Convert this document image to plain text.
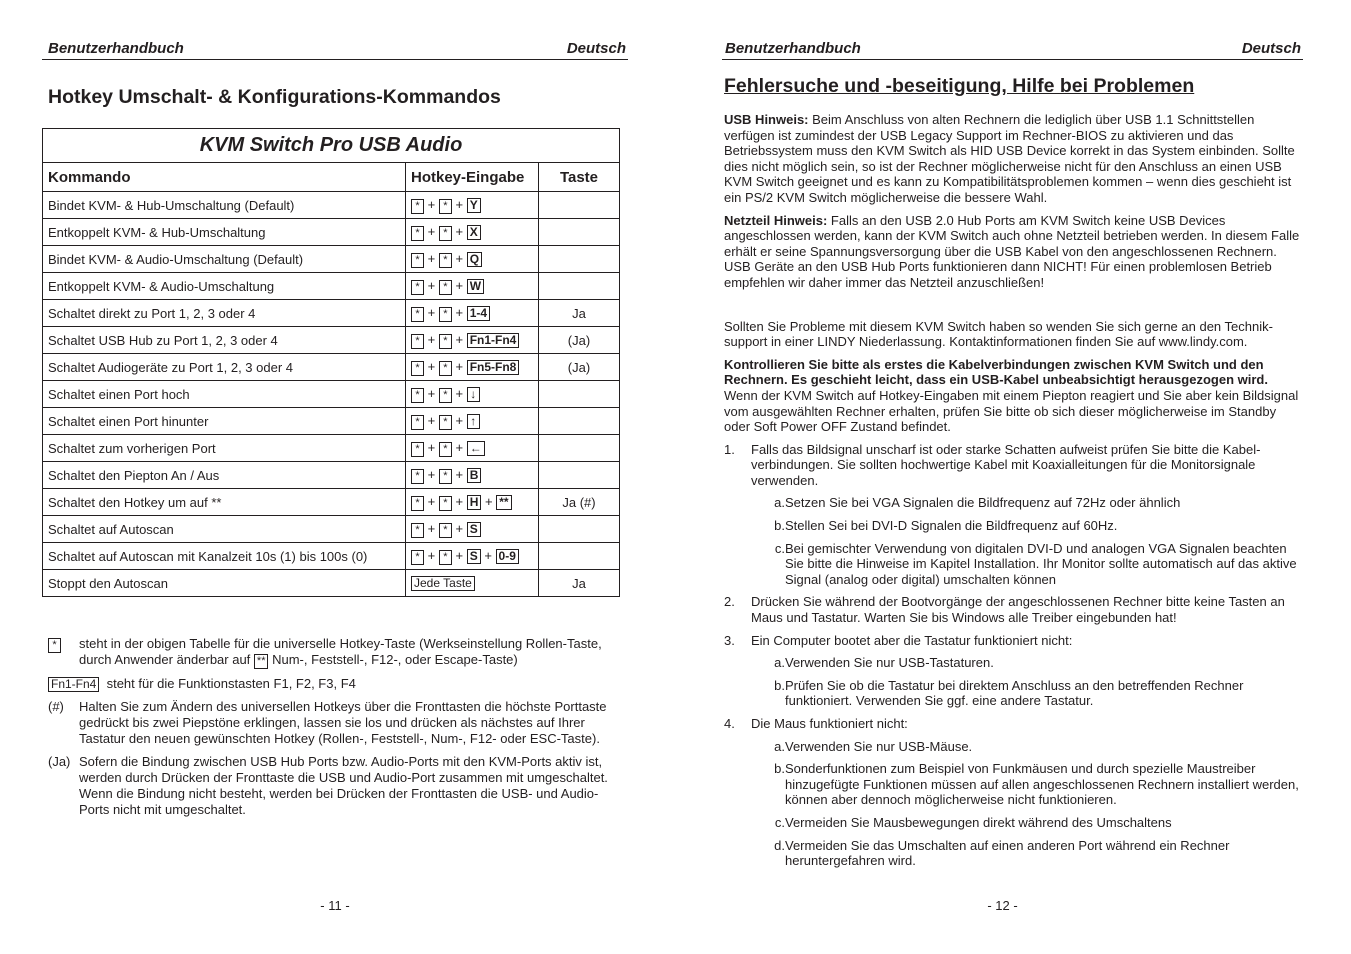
Benutzerhandbuch	Deutsch
Hotkey Umschalt- & Konfigurations-Kommandos
KVM Switch Pro USB Audio		
Kommando	Hotkey-Eingabe	Taste
Bindet KVM- & Hub-Umschaltung (Default)	* + * + Y	
Entkoppelt KVM- & Hub-Umschaltung	* + * + X	
Bindet KVM- & Audio-Umschaltung (Default)	* + * + Q	
Entkoppelt KVM- & Audio-Umschaltung	* + * + W	
Schaltet direkt zu Port 1, 2, 3 oder 4	* + * + 1-4	Ja
Schaltet USB Hub zu Port 1, 2, 3 oder 4	* + * + Fn1-Fn4	(Ja)
Schaltet Audiogeräte zu Port 1, 2, 3 oder 4	* + * + Fn5-Fn8	(Ja)
Schaltet einen Port hoch	* + * + ↓	
Schaltet einen Port hinunter	* + * + ↑	
Schaltet zum vorherigen Port	* + * + ←	
Schaltet den Piepton An / Aus	* + * + B	
Schaltet den Hotkey um auf **	* + * + H + **	Ja (#)
Schaltet auf Autoscan	* + * + S	
Schaltet auf Autoscan mit Kanalzeit 10s (1) bis 100s (0)	* + * + S + 0-9	
Stoppt den Autoscan	Jede Taste	Ja
*	steht in der obigen Tabelle für die universelle Hotkey-Taste (Werkseinstellung Rollen-Taste, durch Anwender änderbar auf ** Num-, Feststell-, F12-, oder Escape-Taste)
Fn1-Fn4 steht für die Funktionstasten F1, F2, F3, F4
(#)	Halten Sie zum Ändern des universellen Hotkeys über die Fronttasten die höchste Porttaste gedrückt bis zwei Piepstöne erklingen, lassen sie los und drücken als nächstes auf Ihrer Tastatur den neuen gewünschten Hotkey (Rollen-, Feststell-, Num-, F12- oder ESC-Taste).
(Ja) Sofern die Bindung zwischen USB Hub Ports bzw. Audio-Ports mit den KVM-Ports aktiv ist, werden durch Drücken der Fronttaste die USB und Audio-Port zusammen mit umgeschaltet. Wenn die Bindung nicht besteht, werden bei Drücken der Fronttasten die USB- und Audio-Ports nicht mit umgeschaltet.
- 11 -
Benutzerhandbuch	Deutsch
Fehlersuche und -beseitigung, Hilfe bei Problemen

USB Hinweis: Beim Anschluss von alten Rechnern die lediglich über USB 1.1 Schnittstellen verfügen ist zumindest der USB Legacy Support im Rechner-BIOS zu aktivieren und das Betriebssystem muss den KVM Switch als HID USB Device korrekt in das System einbinden. Sollte dies nicht möglich sein, so ist der Rechner möglicherweise nicht für den Anschluss an einen USB KVM Switch geeignet und es kann zu Kompatibilitätsproblemen kommen – wenn dies geschieht ist ein PS/2 KVM Switch möglicherweise die bessere Wahl.

Netzteil Hinweis: Falls an den USB 2.0 Hub Ports am KVM Switch keine USB Devices angeschlossen werden, kann der KVM Switch auch ohne Netzteil betrieben werden. In diesem Falle erhält er seine Spannungsversorgung über die USB Kabel von den angeschlossenen Rechnern. USB Geräte an den USB Hub Ports funktionieren dann NICHT! Für einen problemlosen Betrieb empfehlen wir daher immer das Netzteil anzuschließen!

Sollten Sie Probleme mit diesem KVM Switch haben so wenden Sie sich gerne an den Technik-support in einer LINDY Niederlassung. Kontaktinformationen finden Sie auf www.lindy.com.

Kontrollieren Sie bitte als erstes die Kabelverbindungen zwischen KVM Switch und den Rechnern. Es geschieht leicht, dass ein USB-Kabel unbeabsichtigt herausgezogen wird.

Wenn der KVM Switch auf Hotkey-Eingaben mit einem Piepton reagiert und Sie aber kein Bildsignal vom ausgewählten Rechner erhalten, prüfen Sie bitte ob sich dieser möglicherweise im Standby oder Soft Power OFF Zustand befindet.

1.	Falls das Bildsignal unscharf ist oder starke Schatten aufweist prüfen Sie bitte die Kabel-verbindungen. Sie sollten hochwertige Kabel mit Koaxialleitungen für die Monitorsignale verwenden.
a. Setzen Sie bei VGA Signalen die Bildfrequenz auf 72Hz oder ähnlich
b. Stellen Sei bei DVI-D Signalen die Bildfrequenz auf 60Hz.
c. Bei gemischter Verwendung von digitalen DVI-D und analogen VGA Signalen beachten Sie bitte die Hinweise im Kapitel Installation. Ihr Monitor sollte automatisch auf das aktive Signal (analog oder digital) umschalten können
2.	Drücken Sie während der Bootvorgänge der angeschlossenen Rechner bitte keine Tasten an Maus und Tastatur. Warten Sie bis Windows alle Treiber eingebunden hat!
3.	Ein Computer bootet aber die Tastatur funktioniert nicht:
a. Verwenden Sie nur USB-Tastaturen.
b. Prüfen Sie ob die Tastatur bei direktem Anschluss an den betreffenden Rechner funktioniert. Verwenden Sie ggf. eine andere Tastatur.
4.	Die Maus funktioniert nicht:
a. Verwenden Sie nur USB-Mäuse.
b. Sonderfunktionen zum Beispiel von Funkmäusen und durch spezielle Maustreiber hinzugefügte Funktionen müssen auf allen angeschlossenen Rechnern installiert werden, können aber dennoch möglicherweise nicht funktionieren.
c. Vermeiden Sie Mausbewegungen direkt während des Umschaltens
d. Vermeiden Sie das Umschalten auf einen anderen Port während ein Rechner heruntergefahren wird.
- 12 -
